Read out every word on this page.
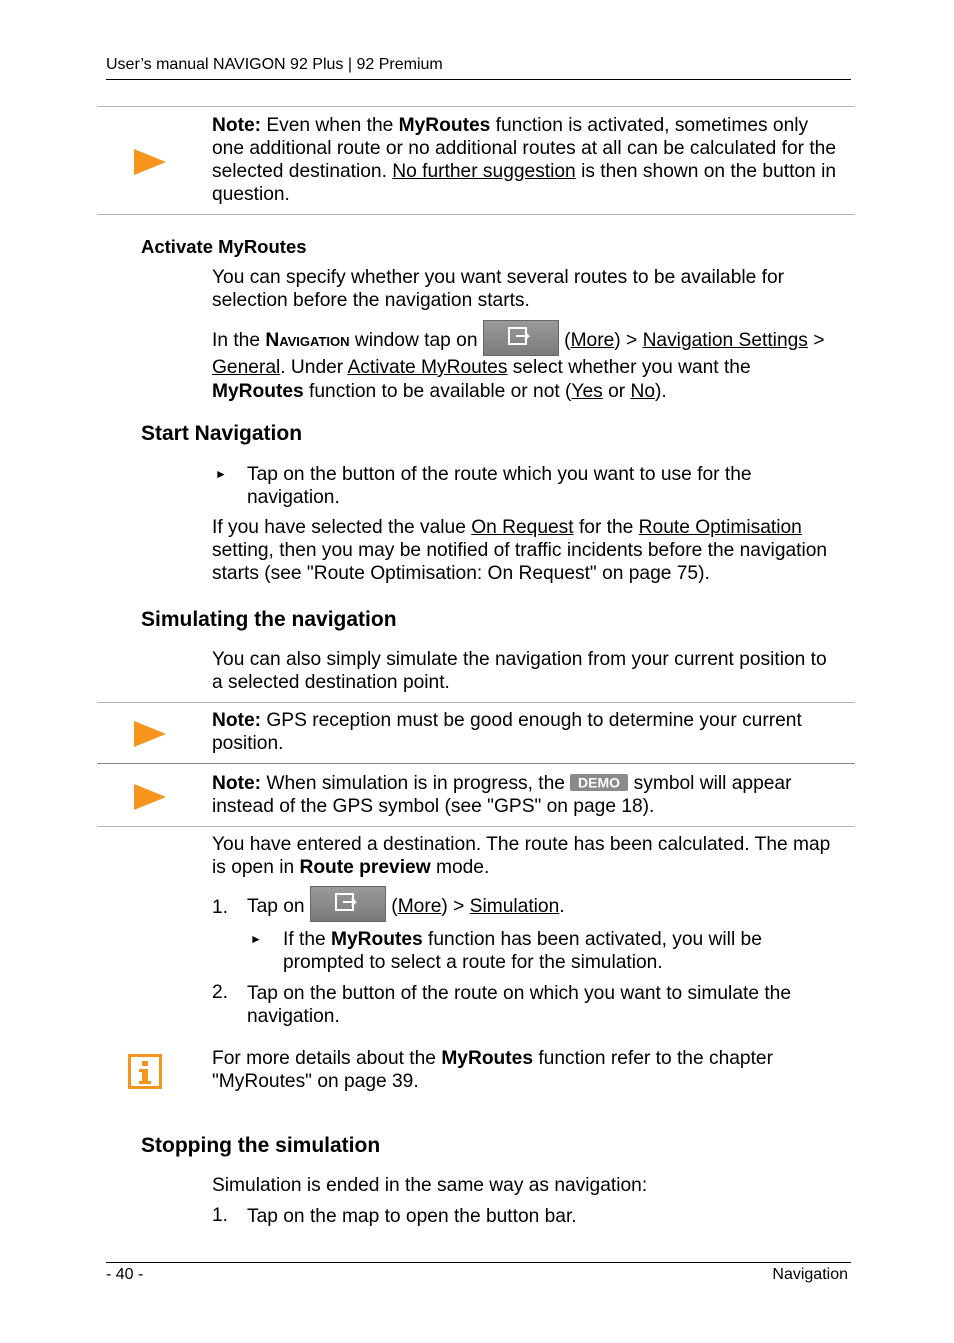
User’s manual NAVIGON 92 Plus | 92 Premium
Note: Even when the MyRoutes function is activated, sometimes only one additional route or no additional routes at all can be calculated for the selected destination. No further suggestion is then shown on the button in question.
Activate MyRoutes
You can specify whether you want several routes to be available for selection before the navigation starts.
In the Navigation window tap on	(More) > Navigation Settings > General. Under Activate MyRoutes select whether you want the MyRoutes function to be available or not (Yes or No).
Start Navigation
► Tap on the button of the route which you want to use for the navigation.
If you have selected the value On Request for the Route Optimisation setting, then you may be notified of traffic incidents before the navigation starts (see "Route Optimisation: On Request" on page 75).
Simulating the navigation
You can also simply simulate the navigation from your current position to a selected destination point.
Note: GPS reception must be good enough to determine your current position.
Note: When simulation is in progress, the DEMO symbol will appear instead of the GPS symbol (see "GPS" on page 18).
You have entered a destination. The route has been calculated. The map is open in Route preview mode.
1. Tap on	(More) > Simulation.
► If the MyRoutes function has been activated, you will be prompted to select a route for the simulation.
2. Tap on the button of the route on which you want to simulate the navigation.
For more details about the MyRoutes function refer to the chapter "MyRoutes" on page 39.
Stopping the simulation
Simulation is ended in the same way as navigation:
1. Tap on the map to open the button bar.
- 40 -	Navigation
